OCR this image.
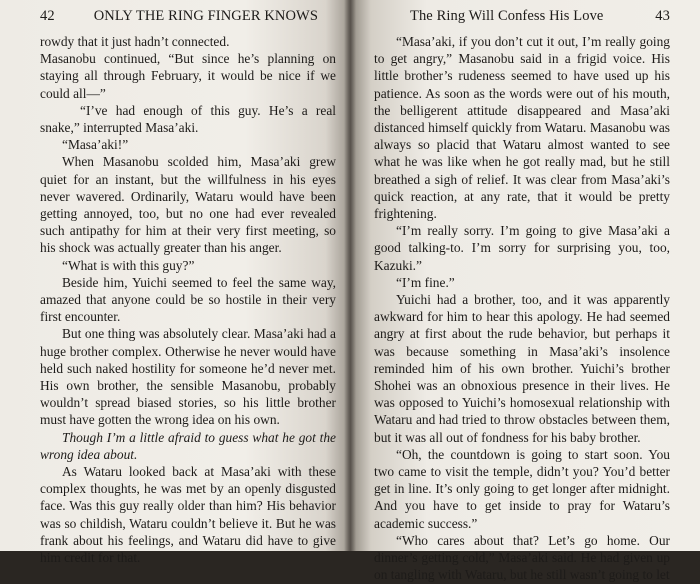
42	ONLY THE RING FINGER KNOWS

rowdy that it just hadn’t connected.

Masanobu continued, “But since he’s planning on staying all through February, it would be nice if we could all—”

“I’ve had enough of this guy. He’s a real snake,” interrupted Masa’aki.

“Masa’aki!”

When Masanobu scolded him, Masa’aki grew quiet for an instant, but the willfulness in his eyes never wavered. Ordinarily, Wataru would have been getting annoyed, too, but no one had ever revealed such antipathy for him at their very first meeting, so his shock was actually greater than his anger.

“What is with this guy?”

Beside him, Yuichi seemed to feel the same way, amazed that anyone could be so hostile in their very first encounter.

But one thing was absolutely clear. Masa’aki had a huge brother complex. Otherwise he never would have held such naked hostility for someone he’d never met. His own brother, the sensible Masanobu, probably wouldn’t spread biased stories, so his little brother must have gotten the wrong idea on his own.

Though I’m a little afraid to guess what he got the wrong idea about.

As Wataru looked back at Masa’aki with these complex thoughts, he was met by an openly disgusted face. Was this guy really older than him? His behavior was so childish, Wataru couldn’t believe it. But he was frank about his feelings, and Wataru did have to give him credit for that.

The Ring Will Confess His Love	43

“Masa’aki, if you don’t cut it out, I’m really going to get angry,” Masanobu said in a frigid voice. His little brother’s rudeness seemed to have used up his patience. As soon as the words were out of his mouth, the belligerent attitude disappeared and Masa’aki distanced himself quickly from Wataru. Masanobu was always so placid that Wataru almost wanted to see what he was like when he got really mad, but he still breathed a sigh of relief. It was clear from Masa’aki’s quick reaction, at any rate, that it would be pretty frightening.

“I’m really sorry. I’m going to give Masa’aki a good talking-to. I’m sorry for surprising you, too, Kazuki.”

“I’m fine.”

Yuichi had a brother, too, and it was apparently awkward for him to hear this apology. He had seemed angry at first about the rude behavior, but perhaps it was because something in Masa’aki’s insolence reminded him of his own brother. Yuichi’s brother Shohei was an obnoxious presence in their lives. He was opposed to Yuichi’s homosexual relationship with Wataru and had tried to throw obstacles between them, but it was all out of fondness for his baby brother.

“Oh, the countdown is going to start soon. You two came to visit the temple, didn’t you? You’d better get in line. It’s only going to get longer after midnight. And you have to get inside to pray for Wataru’s academic success.”

“Who cares about that? Let’s go home. Our dinner’s getting cold,” Masa’aki said. He had given up on tangling with Wataru, but he still wasn’t going to let
